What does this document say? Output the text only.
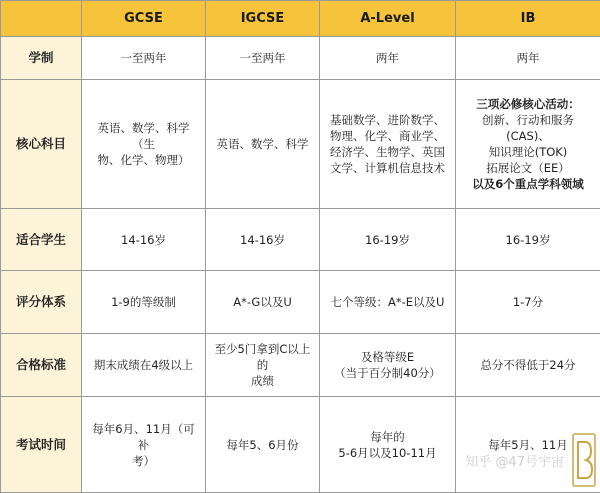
	GCSE	IGCSE	A-Level	IB
学制	一至两年	一至两年	两年	两年

核心科目	英语、数学、科学（生
物、化学、物理）	英语、数学、科学	基础数学、进阶数学、
物理、化学、商业学、
经济学、生物学、英国
文学、计算机信息技术	三项必修核心活动：
创新、行动和服务(CAS)、
知识理论(TOK)
拓展论文（EE）
以及6个重点学科领域

适合学生	14-16岁	14-16岁	16-19岁	16-19岁

评分体系	1-9的等级制	A*-G以及U	七个等级：A*-E以及U	1-7分

合格标准	期末成绩在4级以上	至少5门拿到C以上的
成绩	及格等级E
（当于百分制40分）	总分不得低于24分

考试时间	每年6月、11月（可补
考）	每年5、6月份	每年的
5-6月以及10-11月	每年5月、11月
知乎 @47号宇宙
